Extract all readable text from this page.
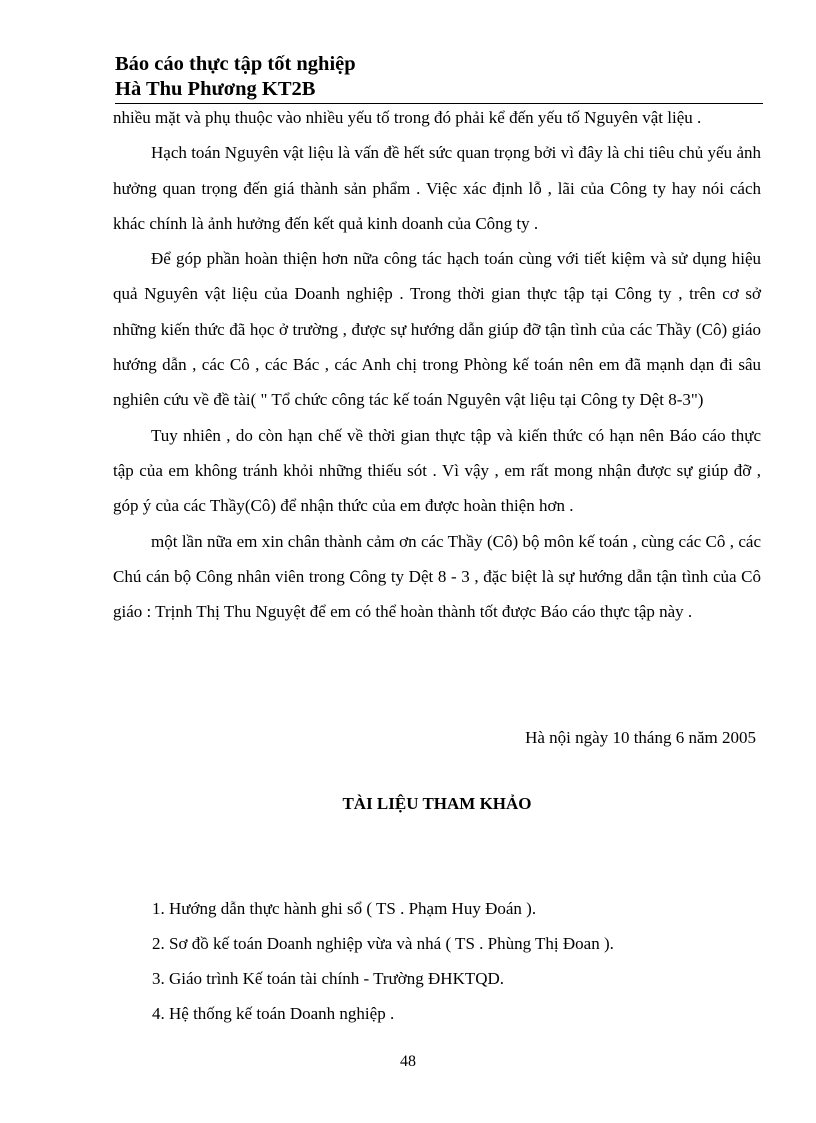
Báo cáo thực tập tốt nghiệp

Hà Thu Phương KT2B

nhiều mặt và phụ thuộc vào nhiều yếu tố trong đó phải kể đến yếu tố Nguyên vật liệu .

Hạch toán Nguyên vật liệu là vấn đề hết sức quan trọng bởi vì đây là chi tiêu chủ yếu ảnh hưởng quan trọng đến giá thành sản phẩm . Việc xác định lỗ , lãi của Công ty hay nói cách khác chính là ảnh hưởng đến kết quả kinh doanh của Công ty .

Để góp phần hoàn thiện hơn nữa công tác hạch toán cùng với tiết kiệm và sử dụng hiệu quả Nguyên vật liệu của Doanh nghiệp . Trong thời gian thực tập tại Công ty , trên cơ sở những kiến thức đã học ở trường , được sự hướng dẫn giúp đỡ tận tình của các Thầy (Cô) giáo hướng dẫn , các Cô , các Bác , các Anh chị trong Phòng kế toán nên em đã mạnh dạn đi sâu nghiên cứu về đề tài( " Tổ chức công tác kế toán Nguyên vật liệu tại Công ty Dệt 8-3")

Tuy nhiên , do còn hạn chế về thời gian thực tập và kiến thức có hạn nên Báo cáo thực tập của em không tránh khỏi những thiếu sót . Vì vậy , em rất mong nhận được sự giúp đỡ , góp ý của các Thầy(Cô) để nhận thức của em được hoàn thiện hơn .

một lần nữa em xin chân thành cảm ơn các Thầy (Cô) bộ môn kế toán , cùng các Cô , các Chú cán bộ Công nhân viên trong Công ty Dệt 8 - 3 , đặc biệt là sự hướng dẫn tận tình của Cô giáo : Trịnh Thị Thu Nguyệt để em có thể hoàn thành tốt được Báo cáo thực tập này .

Hà nội ngày 10 tháng 6 năm 2005
TÀI LIỆU THAM KHẢO
1. Hướng dẫn thực hành ghi sổ ( TS . Phạm Huy Đoán ).
2. Sơ đồ kế toán Doanh nghiệp vừa và nhá ( TS . Phùng Thị Đoan ).
3. Giáo trình Kế toán tài chính - Trường ĐHKTQD.
4. Hệ thống kế toán Doanh nghiệp .
48
